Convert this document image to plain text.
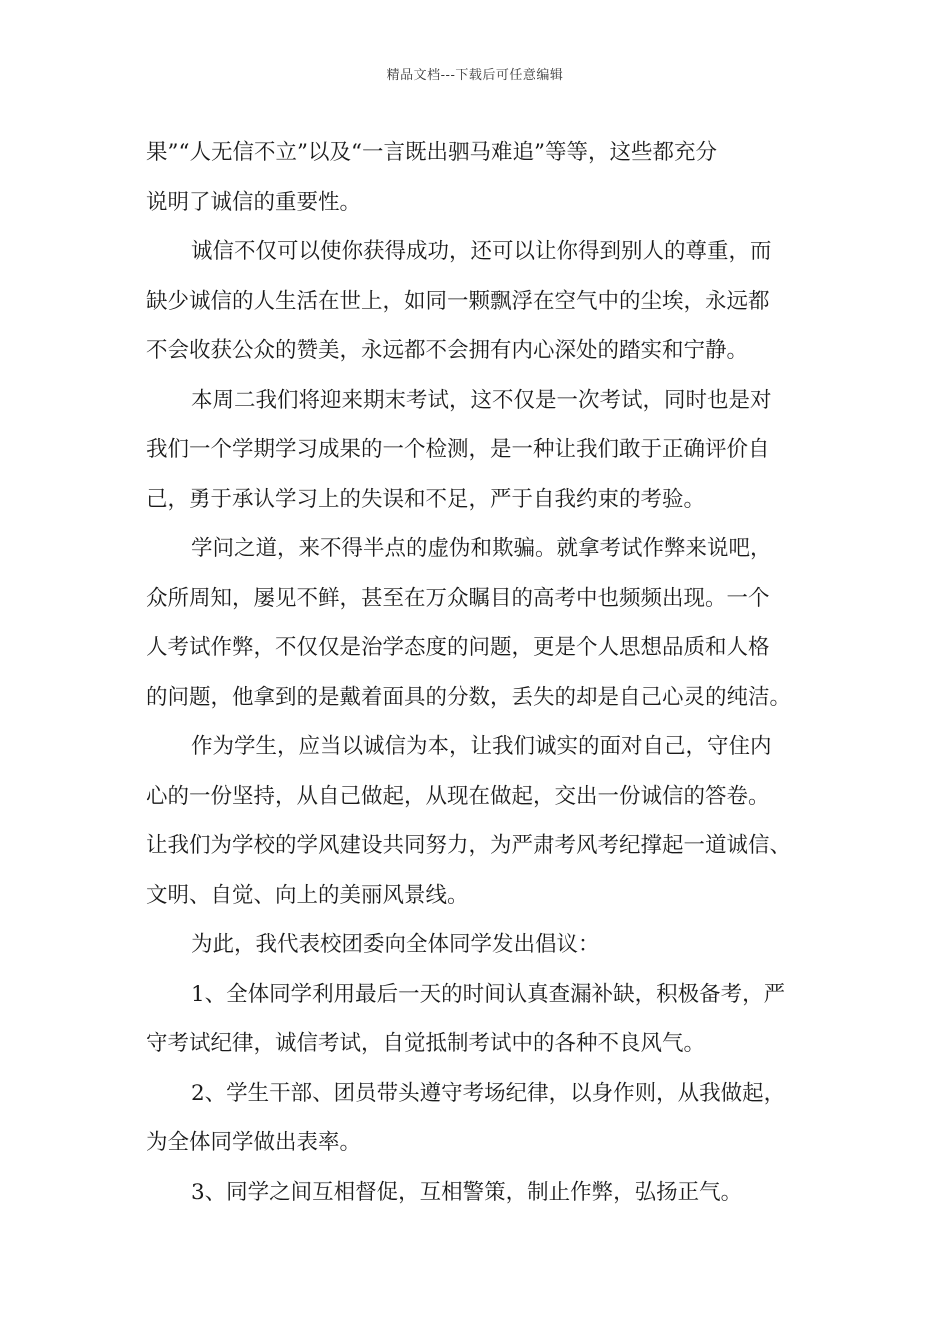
精品文档---下载后可任意编辑
果”“人无信不立”以及“一言既出驷马难追”等等，这些都充分
说明了诚信的重要性。
诚信不仅可以使你获得成功，还可以让你得到别人的尊重，而
缺少诚信的人生活在世上，如同一颗飘浮在空气中的尘埃，永远都
不会收获公众的赞美，永远都不会拥有内心深处的踏实和宁静。
本周二我们将迎来期末考试，这不仅是一次考试，同时也是对
我们一个学期学习成果的一个检测，是一种让我们敢于正确评价自
己，勇于承认学习上的失误和不足，严于自我约束的考验。
学问之道，来不得半点的虚伪和欺骗。就拿考试作弊来说吧，
众所周知，屡见不鲜，甚至在万众瞩目的高考中也频频出现。一个
人考试作弊，不仅仅是治学态度的问题，更是个人思想品质和人格
的问题，他拿到的是戴着面具的分数，丢失的却是自己心灵的纯洁。
作为学生，应当以诚信为本，让我们诚实的面对自己，守住内
心的一份坚持，从自己做起，从现在做起，交出一份诚信的答卷。
让我们为学校的学风建设共同努力，为严肃考风考纪撑起一道诚信、
文明、自觉、向上的美丽风景线。
为此，我代表校团委向全体同学发出倡议：
1、全体同学利用最后一天的时间认真查漏补缺，积极备考，严
守考试纪律，诚信考试，自觉抵制考试中的各种不良风气。
2、学生干部、团员带头遵守考场纪律，以身作则，从我做起，
为全体同学做出表率。
3、同学之间互相督促，互相警策，制止作弊，弘扬正气。
